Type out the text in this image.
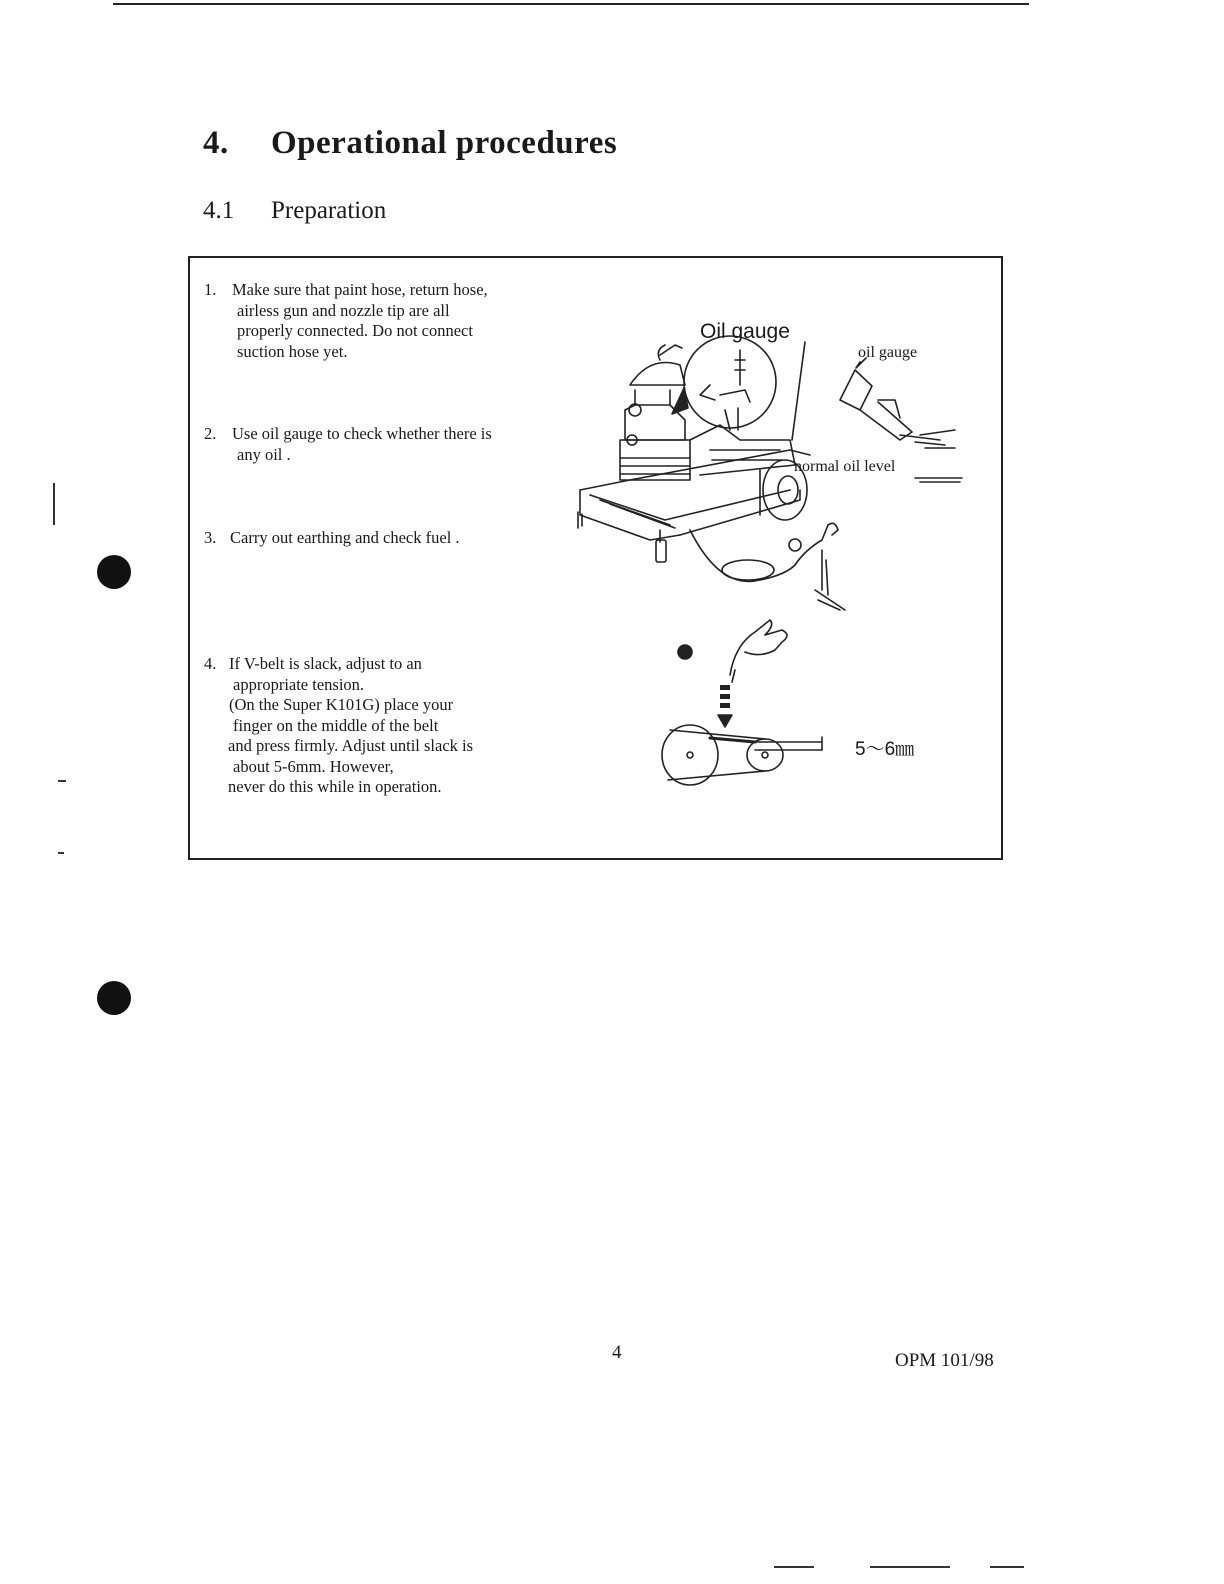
4. Operational procedures
4.1 Preparation
1. Make sure that paint hose, return hose,
airless gun and nozzle tip are all
properly connected. Do not connect
suction hose yet.
2. Use oil gauge to check whether there is
any oil .
3. Carry out earthing and check fuel .
4. If V-belt is slack, adjust to an
appropriate tension.
(On the Super K101G) place your
finger on the middle of the belt
and press firmly. Adjust until slack is
about 5-6mm. However,
never do this while in operation.
Oil gauge
oil gauge
normal oil level
5～6㎜
4	OPM 101/98
